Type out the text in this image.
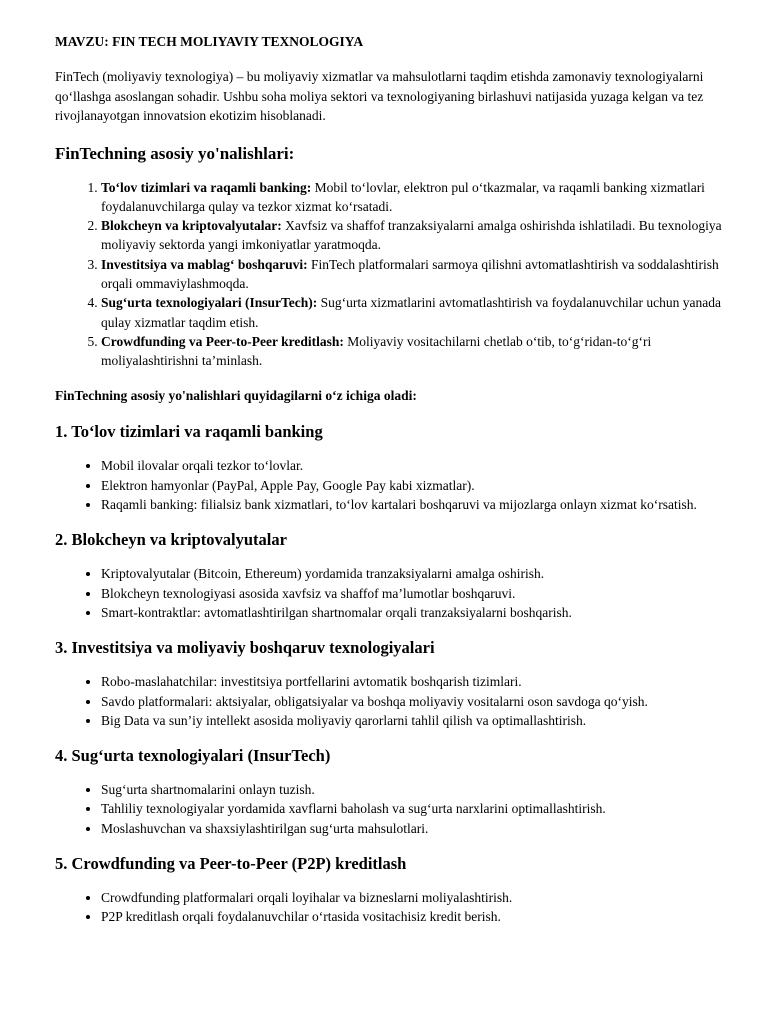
MAVZU: FIN TECH MOLIYAVIY TEXNOLOGIYA

FinTech (moliyaviy texnologiya) – bu moliyaviy xizmatlar va mahsulotlarni taqdim etishda zamonaviy texnologiyalarni qo‘llashga asoslangan sohadir. Ushbu soha moliya sektori va texnologiyaning birlashuvi natijasida yuzaga kelgan va tez rivojlanayotgan innovatsion ekotizim hisoblanadi.

FinTechning asosiy yo'nalishlari:
1. To‘lov tizimlari va raqamli banking: Mobil to‘lovlar, elektron pul o‘tkazmalar, va raqamli banking xizmatlari foydalanuvchilarga qulay va tezkor xizmat ko‘rsatadi.
2. Blokcheyn va kriptovalyutalar: Xavfsiz va shaffof tranzaksiyalarni amalga oshirishda ishlatiladi. Bu texnologiya moliyaviy sektorda yangi imkoniyatlar yaratmoqda.
3. Investitsiya va mablag‘ boshqaruvi: FinTech platformalari sarmoya qilishni avtomatlashtirish va soddalashtirish orqali ommaviylashmoqda.
4. Sug‘urta texnologiyalari (InsurTech): Sug‘urta xizmatlarini avtomatlashtirish va foydalanuvchilar uchun yanada qulay xizmatlar taqdim etish.
5. Crowdfunding va Peer-to-Peer kreditlash: Moliyaviy vositachilarni chetlab o‘tib, to‘g‘ridan-to‘g‘ri moliyalashtirishni ta’minlash.

FinTechning asosiy yo'nalishlari quyidagilarni o‘z ichiga oladi:

1. To‘lov tizimlari va raqamli banking
• Mobil ilovalar orqali tezkor to‘lovlar.
• Elektron hamyonlar (PayPal, Apple Pay, Google Pay kabi xizmatlar).
• Raqamli banking: filialsiz bank xizmatlari, to‘lov kartalari boshqaruvi va mijozlarga onlayn xizmat ko‘rsatish.
2. Blokcheyn va kriptovalyutalar
• Kriptovalyutalar (Bitcoin, Ethereum) yordamida tranzaksiyalarni amalga oshirish.
• Blokcheyn texnologiyasi asosida xavfsiz va shaffof ma’lumotlar boshqaruvi.
• Smart-kontraktlar: avtomatlashtirilgan shartnomalar orqali tranzaksiyalarni boshqarish.
3. Investitsiya va moliyaviy boshqaruv texnologiyalari
• Robo-maslahatchilar: investitsiya portfellarini avtomatik boshqarish tizimlari.
• Savdo platformalari: aktsiyalar, obligatsiyalar va boshqa moliyaviy vositalarni oson savdoga qo‘yish.
• Big Data va sun’iy intellekt asosida moliyaviy qarorlarni tahlil qilish va optimallashtirish.
4. Sug‘urta texnologiyalari (InsurTech)
• Sug‘urta shartnomalarini onlayn tuzish.
• Tahliliy texnologiyalar yordamida xavflarni baholash va sug‘urta narxlarini optimallashtirish.
• Moslashuvchan va shaxsiylashtirilgan sug‘urta mahsulotlari.
5. Crowdfunding va Peer-to-Peer (P2P) kreditlash
• Crowdfunding platformalari orqali loyihalar va bizneslarni moliyalashtirish.
• P2P kreditlash orqali foydalanuvchilar o‘rtasida vositachisiz kredit berish.
